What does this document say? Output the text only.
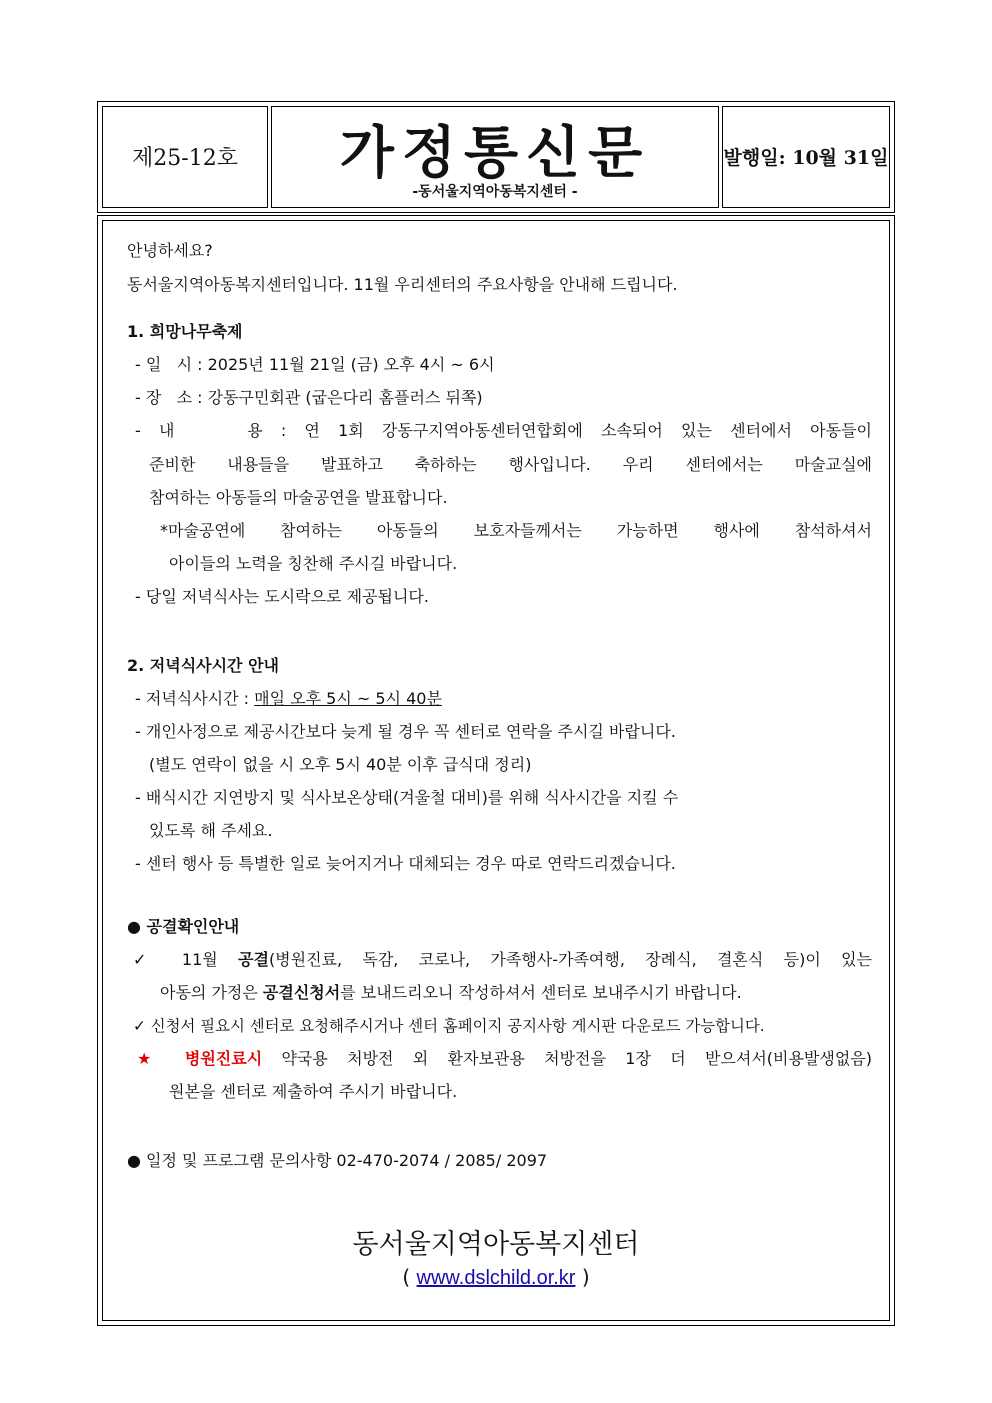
제25-12호	가정통신문
-동서울지역아동복지센터 -
발행일: 10월 31일
안녕하세요?
동서울지역아동복지센터입니다. 11월 우리센터의 주요사항을 안내해 드립니다.
1. 희망나무축제
- 일   시 : 2025년 11월 21일 (금) 오후 4시 ~ 6시
- 장   소 : 강동구민회관 (굽은다리 홈플러스 뒤쪽)
- 내    용 : 연 1회 강동구지역아동센터연합회에 소속되어 있는 센터에서 아동들이
준비한 내용들을 발표하고 축하하는 행사입니다. 우리 센터에서는 마술교실에
참여하는 아동들의 마술공연을 발표합니다.
*마술공연에 참여하는 아동들의 보호자들께서는 가능하면 행사에 참석하셔서
아이들의 노력을 칭찬해 주시길 바랍니다.
- 당일 저녁식사는 도시락으로 제공됩니다.
2. 저녁식사시간 안내
- 저녁식사시간 : 매일 오후 5시 ~ 5시 40분
- 개인사정으로 제공시간보다 늦게 될 경우 꼭 센터로 연락을 주시길 바랍니다.
(별도 연락이 없을 시 오후 5시 40분 이후 급식대 정리)
- 배식시간 지연방지 및 식사보온상태(겨울철 대비)를 위해 식사시간을 지킬 수
있도록 해 주세요.
- 센터 행사 등 특별한 일로 늦어지거나 대체되는 경우 따로 연락드리겠습니다.
● 공결확인안내
✓ 11월 공결(병원진료, 독감, 코로나, 가족행사-가족여행, 장례식, 결혼식 등)이 있는
아동의 가정은 공결신청서를 보내드리오니 작성하셔서 센터로 보내주시기 바랍니다.
✓ 신청서 필요시 센터로 요청해주시거나 센터 홈페이지 공지사항 게시판 다운로드 가능합니다.
★ 병원진료시 약국용 처방전 외 환자보관용 처방전을 1장 더 받으셔서(비용발생없음)
원본을 센터로 제출하여 주시기 바랍니다.
● 일정 및 프로그램 문의사항 02-470-2074 / 2085/ 2097
동서울지역아동복지센터
( www.dslchild.or.kr )
